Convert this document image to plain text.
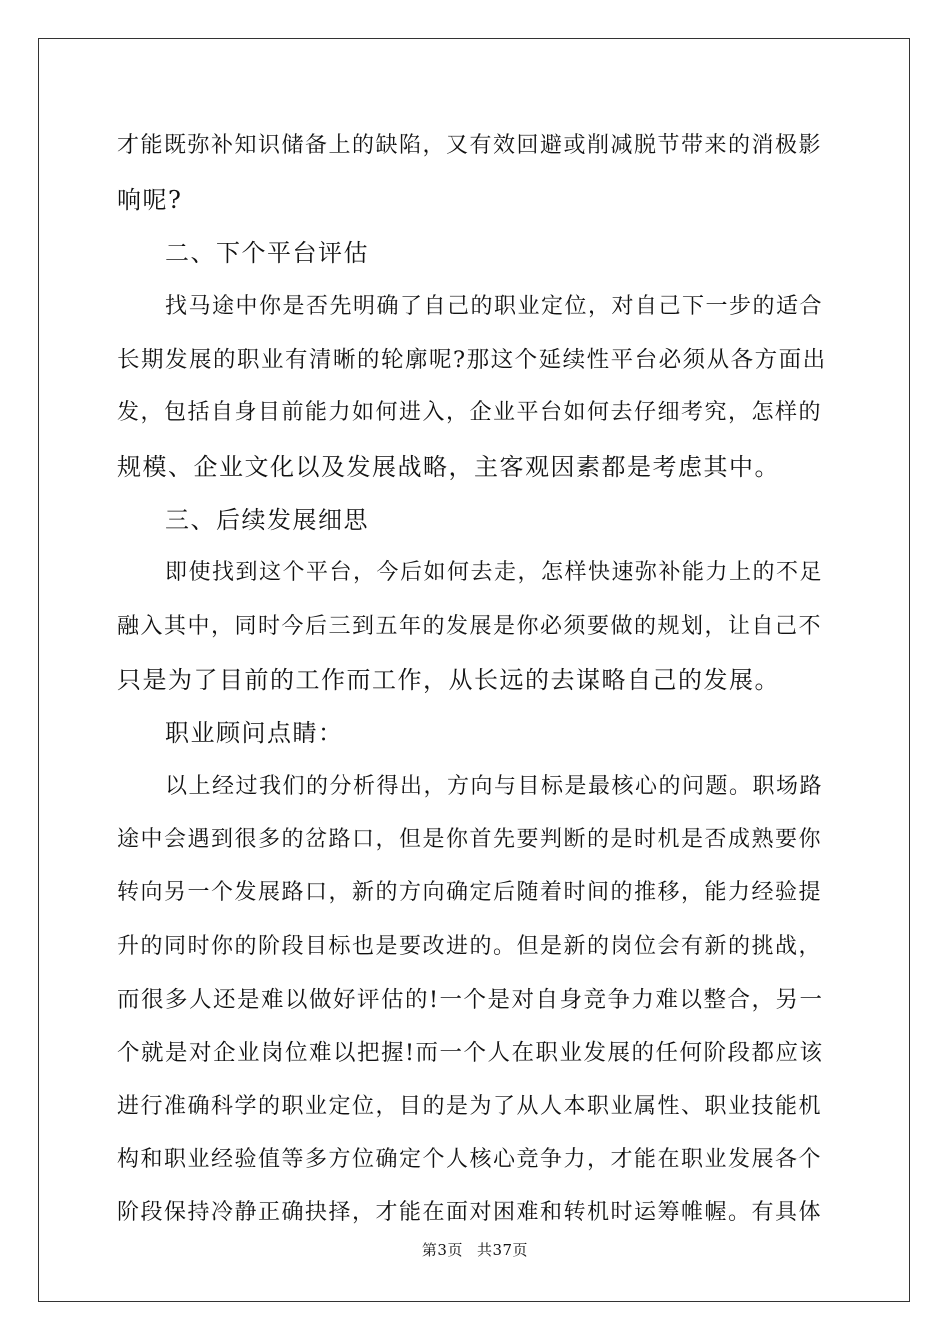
才能既弥补知识储备上的缺陷，又有效回避或削减脱节带来的消极影
响呢?
二、下个平台评估
找马途中你是否先明确了自己的职业定位，对自己下一步的适合
长期发展的职业有清晰的轮廓呢?那这个延续性平台必须从各方面出
发，包括自身目前能力如何进入，企业平台如何去仔细考究，怎样的
规模、企业文化以及发展战略，主客观因素都是考虑其中。
三、后续发展细思
即使找到这个平台，今后如何去走，怎样快速弥补能力上的不足
融入其中，同时今后三到五年的发展是你必须要做的规划，让自己不
只是为了目前的工作而工作，从长远的去谋略自己的发展。
职业顾问点睛：
以上经过我们的分析得出，方向与目标是最核心的问题。职场路
途中会遇到很多的岔路口，但是你首先要判断的是时机是否成熟要你
转向另一个发展路口，新的方向确定后随着时间的推移，能力经验提
升的同时你的阶段目标也是要改进的。但是新的岗位会有新的挑战，
而很多人还是难以做好评估的!一个是对自身竞争力难以整合，另一
个就是对企业岗位难以把握!而一个人在职业发展的任何阶段都应该
进行准确科学的职业定位，目的是为了从人本职业属性、职业技能机
构和职业经验值等多方位确定个人核心竞争力，才能在职业发展各个
阶段保持冷静正确抉择，才能在面对困难和转机时运筹帷幄。有具体
第3页 共37页
